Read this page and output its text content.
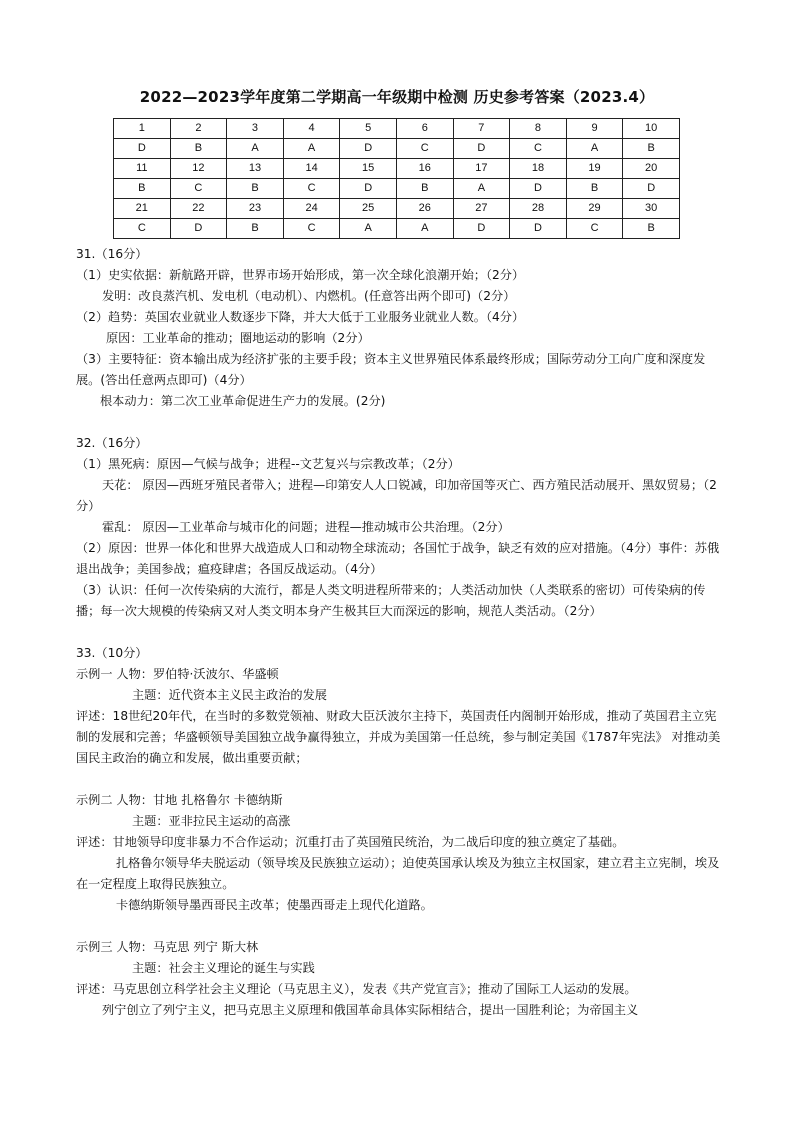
2022—2023学年度第二学期高一年级期中检测 历史参考答案（2023.4）
1	2	3	4	5	6	7	8	9	10
D	B	A	A	D	C	D	C	A	B
11	12	13	14	15	16	17	18	19	20
B	C	B	C	D	B	A	D	B	D
21	22	23	24	25	26	27	28	29	30
C	D	B	C	A	A	D	D	C	B

31.（16分）

（1）史实依据：新航路开辟，世界市场开始形成，第一次全球化浪潮开始；（2分）

发明：改良蒸汽机、发电机（电动机）、内燃机。(任意答出两个即可)（2分）

（2）趋势：英国农业就业人数逐步下降，并大大低于工业服务业就业人数。（4分）

原因：工业革命的推动；圈地运动的影响（2分）

（3）主要特征：资本输出成为经济扩张的主要手段；资本主义世界殖民体系最终形成；国际劳动分工向广度和深度发展。(答出任意两点即可)（4分）

根本动力：第二次工业革命促进生产力的发展。(2分)

32.（16分）

（1）黑死病：原因—气候与战争；进程--文艺复兴与宗教改革；（2分）

天花： 原因—西班牙殖民者带入；进程—印第安人人口锐减，印加帝国等灭亡、西方殖民活动展开、黑奴贸易；（2分）

霍乱： 原因—工业革命与城市化的问题；进程—推动城市公共治理。（2分）

（2）原因：世界一体化和世界大战造成人口和动物全球流动；各国忙于战争，缺乏有效的应对措施。（4分）事件：苏俄退出战争；美国参战；瘟疫肆虐；各国反战运动。（4分）

（3）认识：任何一次传染病的大流行，都是人类文明进程所带来的；人类活动加快（人类联系的密切）可传染病的传播；每一次大规模的传染病又对人类文明本身产生极其巨大而深远的影响，规范人类活动。（2分）

33.（10分）

示例一 人物：罗伯特·沃波尔、华盛顿

主题：近代资本主义民主政治的发展

评述：18世纪20年代，在当时的多数党领袖、财政大臣沃波尔主持下，英国责任内阁制开始形成，推动了英国君主立宪制的发展和完善；华盛顿领导美国独立战争赢得独立，并成为美国第一任总统，参与制定美国《1787年宪法》 对推动美国民主政治的确立和发展，做出重要贡献；

示例二 人物：甘地 扎格鲁尔 卡德纳斯

主题：亚非拉民主运动的高涨

评述：甘地领导印度非暴力不合作运动；沉重打击了英国殖民统治，为二战后印度的独立奠定了基础。

扎格鲁尔领导华夫脱运动（领导埃及民族独立运动）；迫使英国承认埃及为独立主权国家，建立君主立宪制，埃及在一定程度上取得民族独立。

卡德纳斯领导墨西哥民主改革；使墨西哥走上现代化道路。

示例三 人物：马克思 列宁 斯大林

主题：社会主义理论的诞生与实践

评述：马克思创立科学社会主义理论（马克思主义），发表《共产党宣言》；推动了国际工人运动的发展。

列宁创立了列宁主义，把马克思主义原理和俄国革命具体实际相结合，提出一国胜利论；为帝国主义
